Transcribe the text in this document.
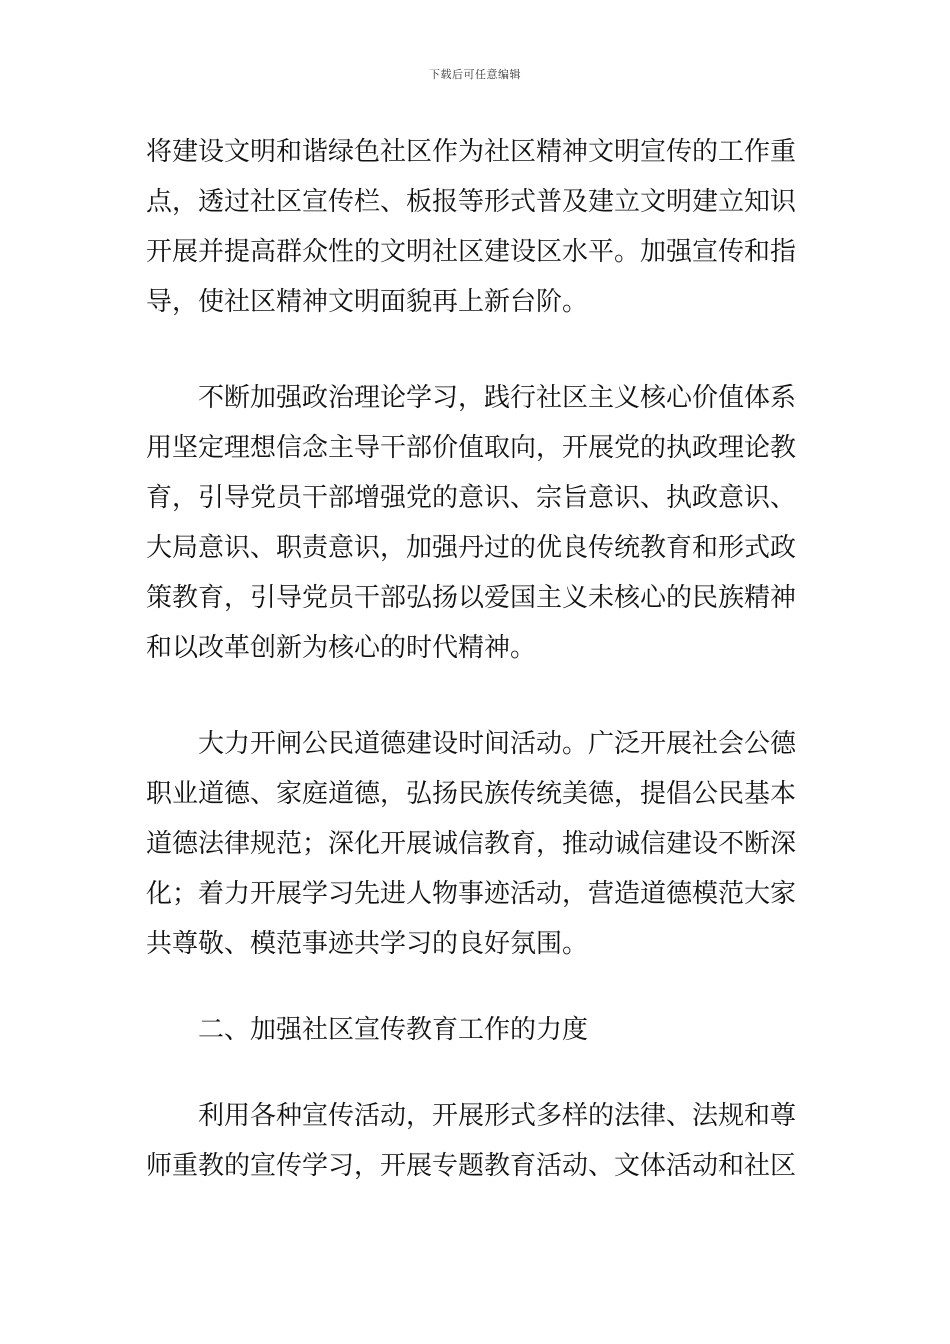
下载后可任意编辑
将建设文明和谐绿色社区作为社区精神文明宣传的工作重
点，透过社区宣传栏、板报等形式普及建立文明建立知识
开展并提高群众性的文明社区建设区水平。加强宣传和指
导，使社区精神文明面貌再上新台阶。
不断加强政治理论学习，践行社区主义核心价值体系
用坚定理想信念主导干部价值取向，开展党的执政理论教
育，引导党员干部增强党的意识、宗旨意识、执政意识、
大局意识、职责意识，加强丹过的优良传统教育和形式政
策教育，引导党员干部弘扬以爱国主义未核心的民族精神
和以改革创新为核心的时代精神。
大力开闸公民道德建设时间活动。广泛开展社会公德
职业道德、家庭道德，弘扬民族传统美德，提倡公民基本
道德法律规范；深化开展诚信教育，推动诚信建设不断深
化；着力开展学习先进人物事迹活动，营造道德模范大家
共尊敬、模范事迹共学习的良好氛围。
二、加强社区宣传教育工作的力度
利用各种宣传活动，开展形式多样的法律、法规和尊
师重教的宣传学习，开展专题教育活动、文体活动和社区
